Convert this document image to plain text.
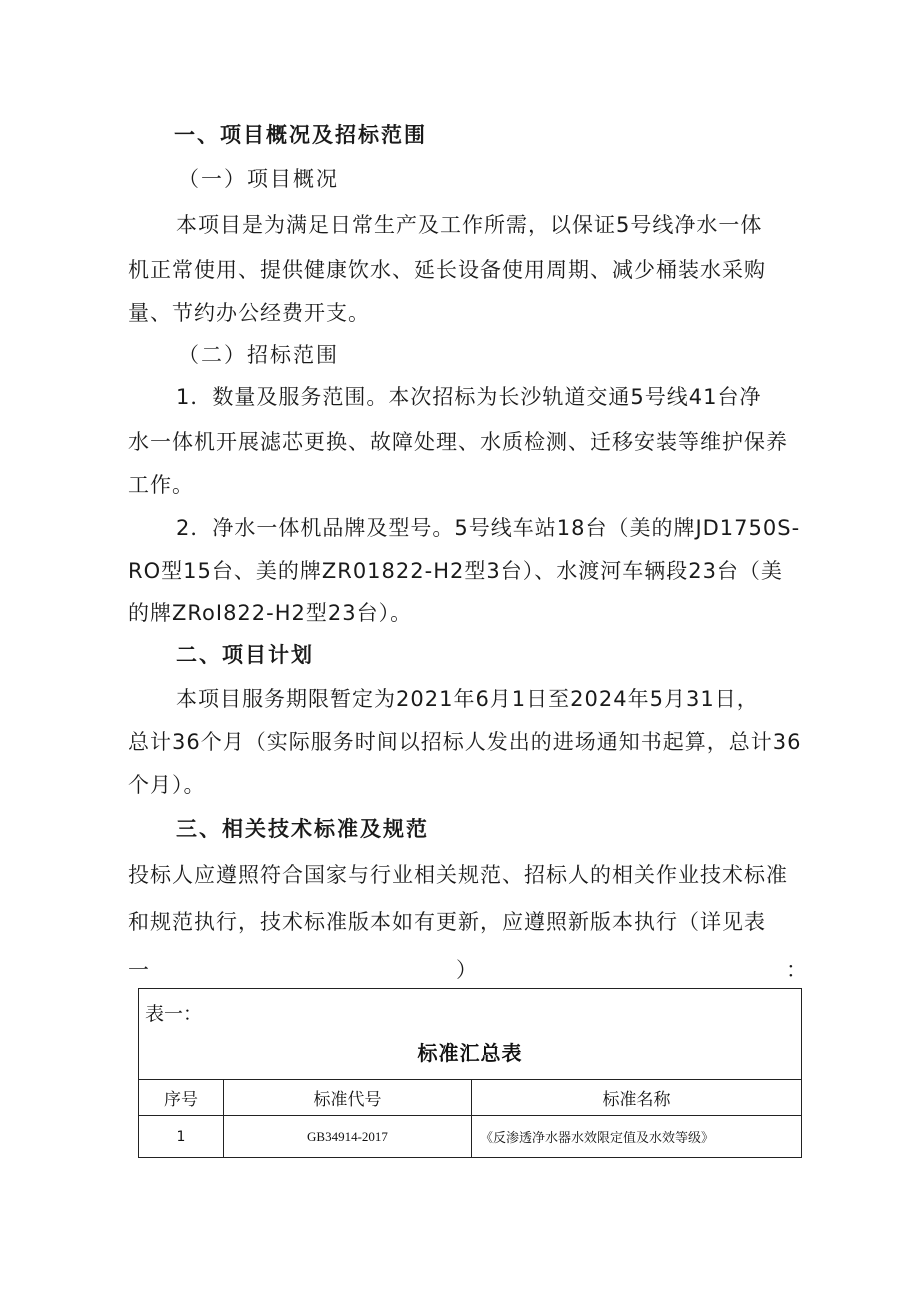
一、项目概况及招标范围
（一）项目概况
本项目是为满足日常生产及工作所需，以保证5号线净水一体
机正常使用、提供健康饮水、延长设备使用周期、减少桶装水采购
量、节约办公经费开支。
（二）招标范围
1．数量及服务范围。本次招标为长沙轨道交通5号线41台净
水一体机开展滤芯更换、故障处理、水质检测、迁移安装等维护保养
工作。
2．净水一体机品牌及型号。5号线车站18台（美的牌JD1750S-
RO型15台、美的牌ZR01822-H2型3台）、水渡河车辆段23台（美
的牌ZRoI822-H2型23台）。
二、项目计划
本项目服务期限暂定为2021年6月1日至2024年5月31日，
总计36个月（实际服务时间以招标人发出的进场通知书起算，总计36
个月）。
三、相关技术标准及规范
投标人应遵照符合国家与行业相关规范、招标人的相关作业技术标准
和规范执行，技术标准版本如有更新，应遵照新版本执行（详见表
一	）	：
表一：
标准汇总表
序号	标准代号	标准名称
1	GB34914-2017	《反渗透净水器水效限定值及水效等级》
